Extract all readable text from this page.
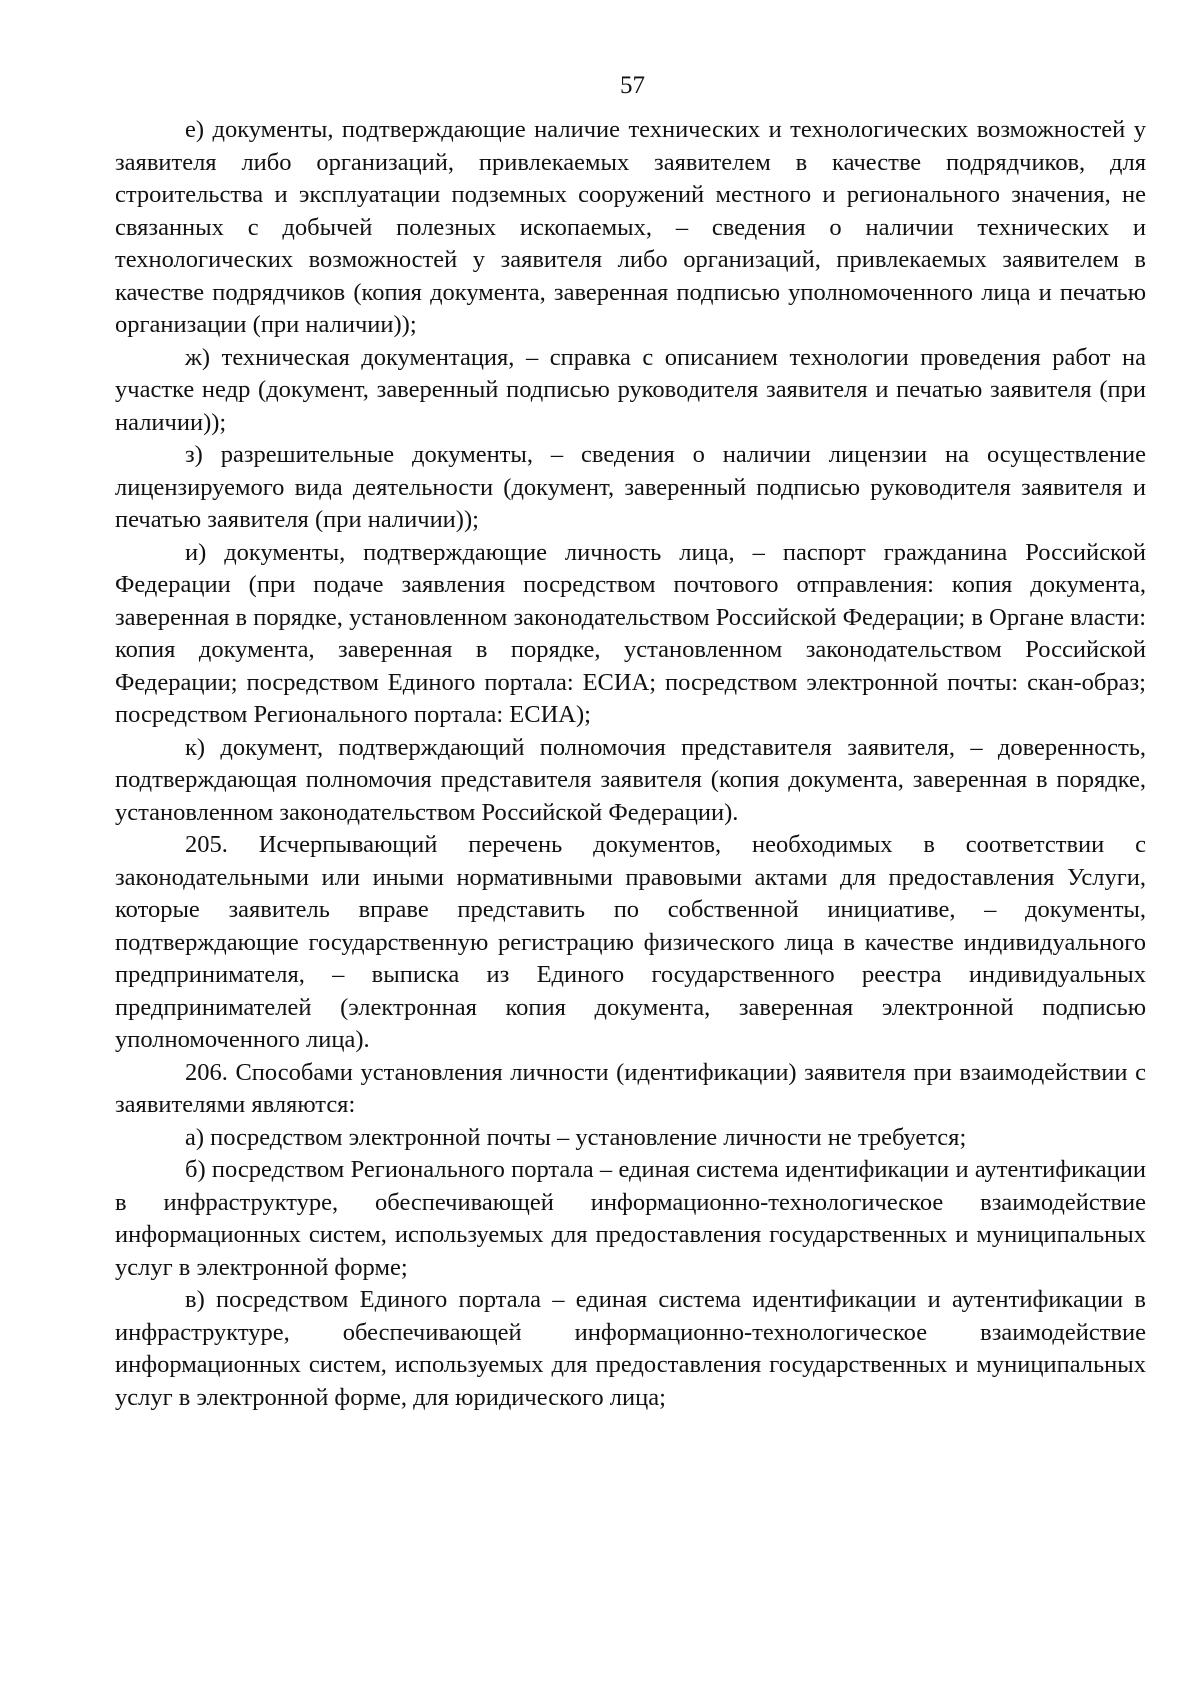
57

е) документы, подтверждающие наличие технических и технологических возможностей у заявителя либо организаций, привлекаемых заявителем в качестве подрядчиков, для строительства и эксплуатации подземных сооружений местного и регионального значения, не связанных с добычей полезных ископаемых, – сведения о наличии технических и технологических возможностей у заявителя либо организаций, привлекаемых заявителем в качестве подрядчиков (копия документа, заверенная подписью уполномоченного лица и печатью организации (при наличии));

ж) техническая документация, – справка с описанием технологии проведения работ на участке недр (документ, заверенный подписью руководителя заявителя и печатью заявителя (при наличии));

з) разрешительные документы, – сведения о наличии лицензии на осуществление лицензируемого вида деятельности (документ, заверенный подписью руководителя заявителя и печатью заявителя (при наличии));

и) документы, подтверждающие личность лица, – паспорт гражданина Российской Федерации (при подаче заявления посредством почтового отправления: копия документа, заверенная в порядке, установленном законодательством Российской Федерации; в Органе власти: копия документа, заверенная в порядке, установленном законодательством Российской Федерации; посредством Единого портала: ЕСИА; посредством электронной почты: скан-образ; посредством Регионального портала: ЕСИА);

к) документ, подтверждающий полномочия представителя заявителя, – доверенность, подтверждающая полномочия представителя заявителя (копия документа, заверенная в порядке, установленном законодательством Российской Федерации).

205. Исчерпывающий перечень документов, необходимых в соответствии с законодательными или иными нормативными правовыми актами для предоставления Услуги, которые заявитель вправе представить по собственной инициативе, – документы, подтверждающие государственную регистрацию физического лица в качестве индивидуального предпринимателя, – выписка из Единого государственного реестра индивидуальных предпринимателей (электронная копия документа, заверенная электронной подписью уполномоченного лица).

206. Способами установления личности (идентификации) заявителя при взаимодействии с заявителями являются:

а) посредством электронной почты – установление личности не требуется;

б) посредством Регионального портала – единая система идентификации и аутентификации в инфраструктуре, обеспечивающей информационно-технологическое взаимодействие информационных систем, используемых для предоставления государственных и муниципальных услуг в электронной форме;

в) посредством Единого портала – единая система идентификации и аутентификации в инфраструктуре, обеспечивающей информационно-технологическое взаимодействие информационных систем, используемых для предоставления государственных и муниципальных услуг в электронной форме, для юридического лица;
